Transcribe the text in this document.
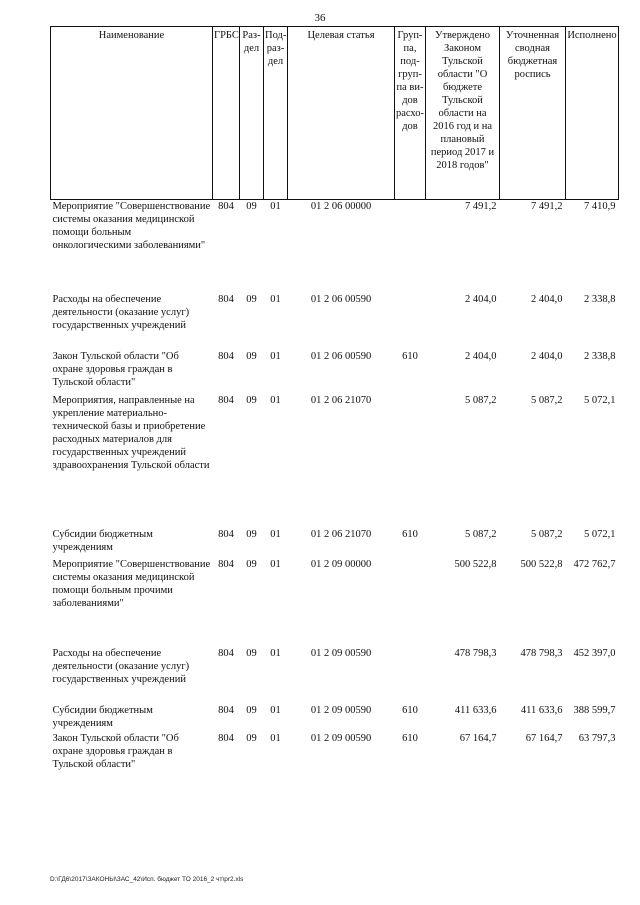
36
Наименование	ГРБС	Раз-дел	Под-раз-дел	Целевая статья	Груп-па, под-груп-па ви-дов расхо-дов	Утверждено Законом Тульской области "О бюджете Тульской области на 2016 год и на плановый период 2017 и 2018 годов"	Уточненная сводная бюджетная роспись	Исполнено
Мероприятие "Совершенствование системы оказания медицинской помощи больным онкологическими заболеваниями"	804	09	01	01 2 06 00000		7 491,2	7 491,2	7 410,9
Расходы на обеспечение деятельности (оказание услуг) государственных учреждений	804	09	01	01 2 06 00590		2 404,0	2 404,0	2 338,8
Закон Тульской области "Об охране здоровья граждан в Тульской области"	804	09	01	01 2 06 00590	610	2 404,0	2 404,0	2 338,8
Мероприятия, направленные на укрепление материально-технической базы и приобретение расходных материалов для государственных учреждений здравоохранения Тульской области	804	09	01	01 2 06 21070		5 087,2	5 087,2	5 072,1
Субсидии бюджетным учреждениям	804	09	01	01 2 06 21070	610	5 087,2	5 087,2	5 072,1
Мероприятие "Совершенствование системы оказания медицинской помощи больным прочими заболеваниями"	804	09	01	01 2 09 00000		500 522,8	500 522,8	472 762,7
Расходы на обеспечение деятельности (оказание услуг) государственных учреждений	804	09	01	01 2 09 00590		478 798,3	478 798,3	452 397,0
Субсидии бюджетным учреждениям	804	09	01	01 2 09 00590	610	411 633,6	411 633,6	388 599,7
Закон Тульской области "Об охране здоровья граждан в Тульской области"	804	09	01	01 2 09 00590	610	67 164,7	67 164,7	63 797,3
D:\ГД6\2017\ЗАКОНЫ\ЗАС_42\Исп. бюджет ТО 2016_2 чт\pr2.xls
